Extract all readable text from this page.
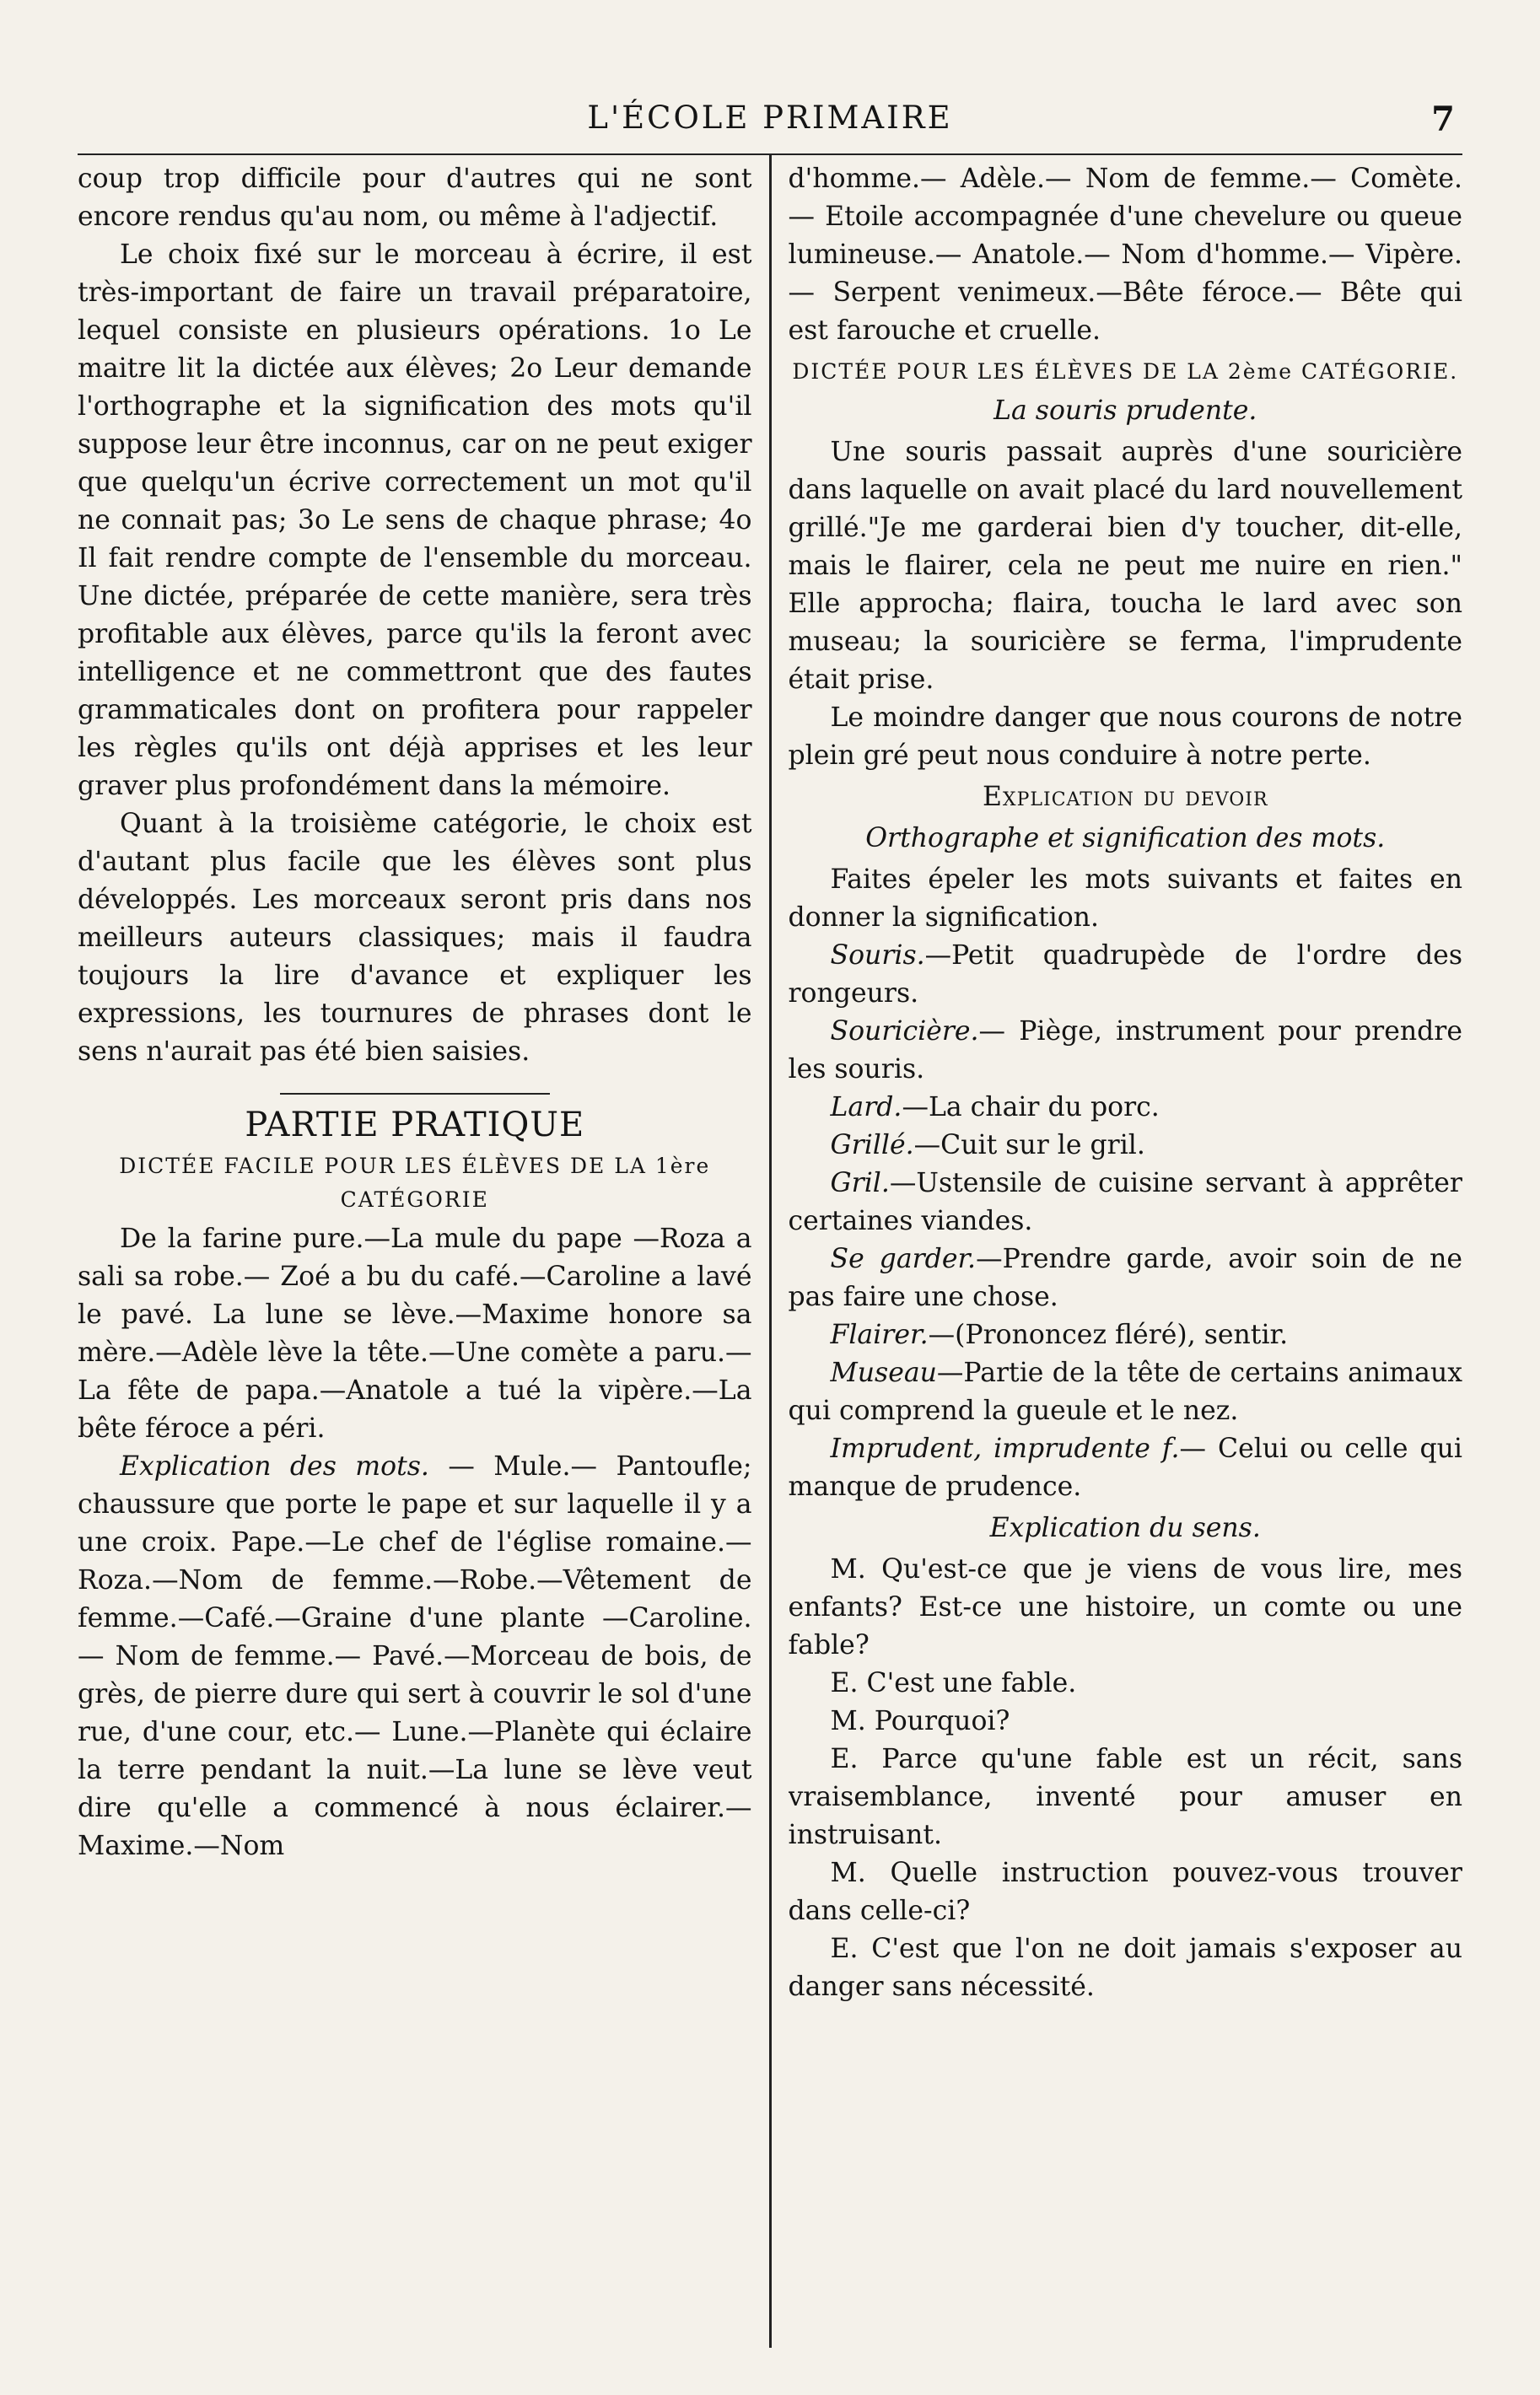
L'ÉCOLE PRIMAIRE	7

coup trop difficile pour d'autres qui ne sont encore rendus qu'au nom, ou même à l'adjectif.

Le choix fixé sur le morceau à écrire, il est très-important de faire un travail préparatoire, lequel consiste en plusieurs opérations. 1o Le maitre lit la dictée aux élèves; 2o Leur demande l'orthographe et la signification des mots qu'il suppose leur être inconnus, car on ne peut exiger que quelqu'un écrive correctement un mot qu'il ne connait pas; 3o Le sens de chaque phrase; 4o Il fait rendre compte de l'ensemble du morceau. Une dictée, préparée de cette manière, sera très profitable aux élèves, parce qu'ils la feront avec intelligence et ne commettront que des fautes grammaticales dont on profitera pour rappeler les règles qu'ils ont déjà apprises et les leur graver plus profondément dans la mémoire.

Quant à la troisième catégorie, le choix est d'autant plus facile que les élèves sont plus développés. Les morceaux seront pris dans nos meilleurs auteurs classiques; mais il faudra toujours la lire d'avance et expliquer les expressions, les tournures de phrases dont le sens n'aurait pas été bien saisies.

PARTIE PRATIQUE
DICTÉE FACILE POUR LES ÉLÈVES DE LA 1ère CATÉGORIE

De la farine pure.—La mule du pape —Roza a sali sa robe.— Zoé a bu du café.—Caroline a lavé le pavé. La lune se lève.—Maxime honore sa mère.—Adèle lève la tête.—Une comète a paru.—La fête de papa.—Anatole a tué la vipère.—La bête féroce a péri.

Explication des mots. — Mule.— Pantoufle; chaussure que porte le pape et sur laquelle il y a une croix. Pape.—Le chef de l'église romaine.—Roza.—Nom de femme.—Robe.—Vêtement de femme.—Café.—Graine d'une plante —Caroline.— Nom de femme.— Pavé.—Morceau de bois, de grès, de pierre dure qui sert à couvrir le sol d'une rue, d'une cour, etc.— Lune.—Planète qui éclaire la terre pendant la nuit.—La lune se lève veut dire qu'elle a commencé à nous éclairer.— Maxime.—Nom

d'homme.— Adèle.— Nom de femme.— Comète. — Etoile accompagnée d'une chevelure ou queue lumineuse.— Anatole.— Nom d'homme.— Vipère.— Serpent venimeux.—Bête féroce.— Bête qui est farouche et cruelle.

DICTÉE POUR LES ÉLÈVES DE LA 2ème CATÉGORIE.
La souris prudente.

Une souris passait auprès d'une souricière dans laquelle on avait placé du lard nouvellement grillé."Je me garderai bien d'y toucher, dit-elle, mais le flairer, cela ne peut me nuire en rien." Elle approcha; flaira, toucha le lard avec son museau; la souricière se ferma, l'imprudente était prise.

Le moindre danger que nous courons de notre plein gré peut nous conduire à notre perte.

Explication du devoir
Orthographe et signification des mots.

Faites épeler les mots suivants et faites en donner la signification.

Souris.—Petit quadrupède de l'ordre des rongeurs.

Souricière.— Piège, instrument pour prendre les souris.

Lard.—La chair du porc.

Grillé.—Cuit sur le gril.

Gril.—Ustensile de cuisine servant à apprêter certaines viandes.

Se garder.—Prendre garde, avoir soin de ne pas faire une chose.

Flairer.—(Prononcez fléré), sentir.

Museau—Partie de la tête de certains animaux qui comprend la gueule et le nez.

Imprudent, imprudente f.— Celui ou celle qui manque de prudence.

Explication du sens.

M. Qu'est-ce que je viens de vous lire, mes enfants? Est-ce une histoire, un comte ou une fable?

E. C'est une fable.

M. Pourquoi?

E. Parce qu'une fable est un récit, sans vraisemblance, inventé pour amuser en instruisant.

M. Quelle instruction pouvez-vous trouver dans celle-ci?

E. C'est que l'on ne doit jamais s'exposer au danger sans nécessité.
